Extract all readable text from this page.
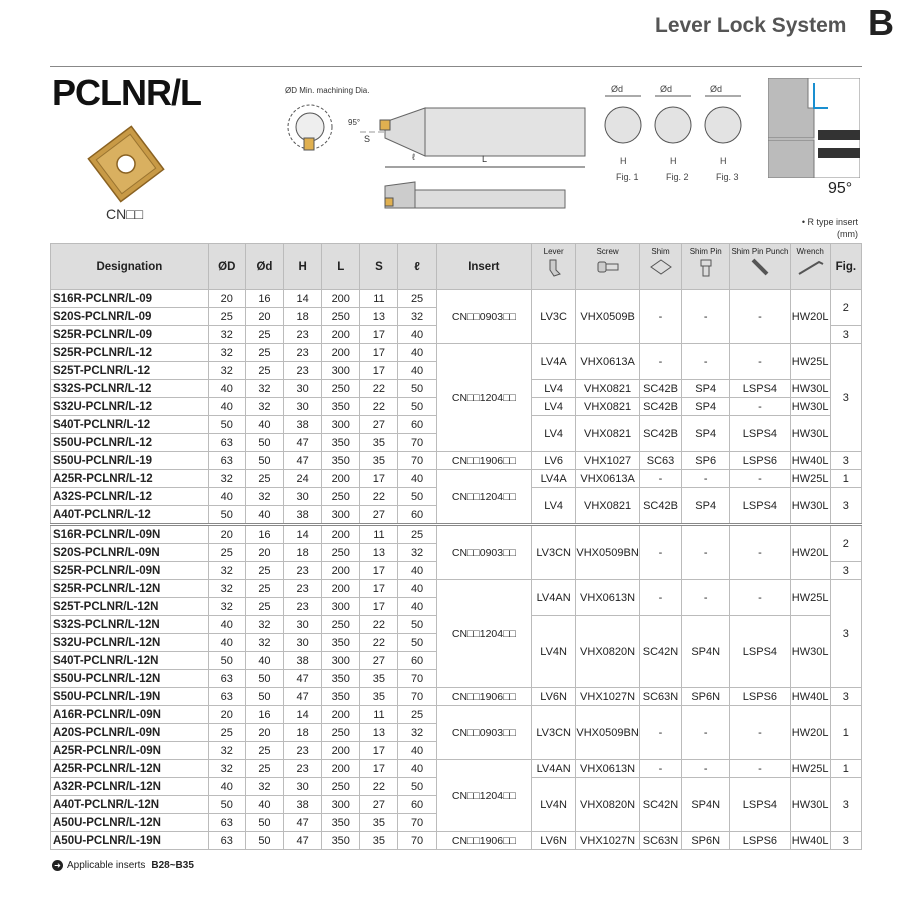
Lever Lock System B
PCLNR/L
CN□□
ØD Min. machining Dia.
95°
S
ℓ	L
Ød	Ød	Ød
H	H	H
Fig. 1	Fig. 2	Fig. 3
95°
• R type insert
(mm)
Designation	ØD	Ød	H	L	S	ℓ	Insert	Lever	Screw	Shim	Shim Pin	Shim Pin Punch	Wrench	Fig.
S16R-PCLNR/L-09	20	16	14	200	11	25	CN□□0903□□	LV3C	VHX0509B	-	-	-	HW20L	2
S20S-PCLNR/L-09	25	20	18	250	13	32								
S25R-PCLNR/L-09	32	25	23	200	17	40								3
S25R-PCLNR/L-12	32	25	23	200	17	40	CN□□1204□□	LV4A	VHX0613A	-	-	-	HW25L	3
S25T-PCLNR/L-12	32	25	23	300	17	40								
S32S-PCLNR/L-12	40	32	30	250	22	50		LV4	VHX0821	SC42B	SP4	LSPS4	HW30L	
S32U-PCLNR/L-12	40	32	30	350	22	50		LV4	VHX0821	SC42B	SP4	-	HW30L	
S40T-PCLNR/L-12	50	40	38	300	27	60		LV4	VHX0821	SC42B	SP4	LSPS4	HW30L	
S50U-PCLNR/L-12	63	50	47	350	35	70								
S50U-PCLNR/L-19	63	50	47	350	35	70	CN□□1906□□	LV6	VHX1027	SC63	SP6	LSPS6	HW40L	3
A25R-PCLNR/L-12	32	25	24	200	17	40	CN□□1204□□	LV4A	VHX0613A	-	-	-	HW25L	1
A32S-PCLNR/L-12	40	32	30	250	22	50		LV4	VHX0821	SC42B	SP4	LSPS4	HW30L	3
A40T-PCLNR/L-12	50	40	38	300	27	60								
S16R-PCLNR/L-09N	20	16	14	200	11	25	CN□□0903□□	LV3CN	VHX0509BN	-	-	-	HW20L	2
S20S-PCLNR/L-09N	25	20	18	250	13	32								
S25R-PCLNR/L-09N	32	25	23	200	17	40								3
S25R-PCLNR/L-12N	32	25	23	200	17	40	CN□□1204□□	LV4AN	VHX0613N	-	-	-	HW25L	3
S25T-PCLNR/L-12N	32	25	23	300	17	40								
S32S-PCLNR/L-12N	40	32	30	250	22	50		LV4N	VHX0820N	SC42N	SP4N	LSPS4	HW30L	
S32U-PCLNR/L-12N	40	32	30	350	22	50								
S40T-PCLNR/L-12N	50	40	38	300	27	60								
S50U-PCLNR/L-12N	63	50	47	350	35	70								
S50U-PCLNR/L-19N	63	50	47	350	35	70	CN□□1906□□	LV6N	VHX1027N	SC63N	SP6N	LSPS6	HW40L	3
A16R-PCLNR/L-09N	20	16	14	200	11	25	CN□□0903□□	LV3CN	VHX0509BN	-	-	-	HW20L	1
A20S-PCLNR/L-09N	25	20	18	250	13	32								
A25R-PCLNR/L-09N	32	25	23	200	17	40								
A25R-PCLNR/L-12N	32	25	23	200	17	40	CN□□1204□□	LV4AN	VHX0613N	-	-	-	HW25L	1
A32R-PCLNR/L-12N	40	32	30	250	22	50		LV4N	VHX0820N	SC42N	SP4N	LSPS4	HW30L	3
A40T-PCLNR/L-12N	50	40	38	300	27	60								
A50U-PCLNR/L-12N	63	50	47	350	35	70								
A50U-PCLNR/L-19N	63	50	47	350	35	70	CN□□1906□□	LV6N	VHX1027N	SC63N	SP6N	LSPS6	HW40L	3
➜ Applicable inserts B28~B35
